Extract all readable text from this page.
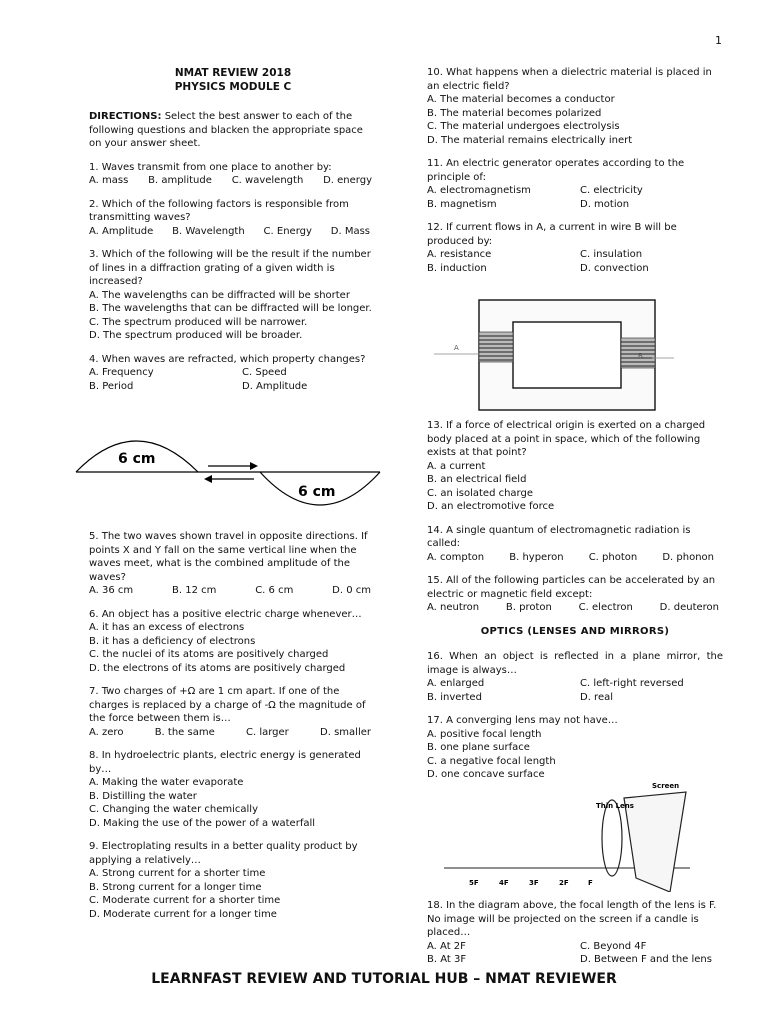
1
NMAT REVIEW 2018
PHYSICS MODULE C

DIRECTIONS: Select the best answer to each of the following questions and blacken the appropriate space on your answer sheet.

1. Waves transmit from one place to another by:

A. mass B. amplitude C. wavelength D. energy

2. Which of the following factors is responsible from transmitting waves?

A. Amplitude B. Wavelength C. Energy D. Mass

3. Which of the following will be the result if the number of lines in a diffraction grating of a given width is increased?

A. The wavelengths can be diffracted will be shorter

B. The wavelengths that can be diffracted will be longer.

C. The spectrum produced will be narrower.

D. The spectrum produced will be broader.

4. When waves are refracted, which property changes?

A. Frequency	C. Speed
B. Period	D. Amplitude
6 cm
6 cm

5. The two waves shown travel in opposite directions. If points X and Y fall on the same vertical line when the waves meet, what is the combined amplitude of the waves?

A. 36 cm	B. 12 cm	C. 6 cm	D. 0 cm

6. An object has a positive electric charge whenever…

A. it has an excess of electrons

B. it has a deficiency of electrons

C. the nuclei of its atoms are positively charged

D. the electrons of its atoms are positively charged

7. Two charges of +Ω are 1 cm apart. If one of the charges is replaced by a charge of -Ω the magnitude of the force between them is…

A. zero	B. the same	C. larger	D. smaller

8. In hydroelectric plants, electric energy is generated by…

A. Making the water evaporate

B. Distilling the water

C. Changing the water chemically

D. Making the use of the power of a waterfall

9. Electroplating results in a better quality product by applying a relatively…

A. Strong current for a shorter time

B. Strong current for a longer time

C. Moderate current for a shorter time

D. Moderate current for a longer time

10. What happens when a dielectric material is placed in an electric field?

A. The material becomes a conductor

B. The material becomes polarized

C. The material undergoes electrolysis

D. The material remains electrically inert

11. An electric generator operates according to the principle of:

A. electromagnetism	C. electricity
B. magnetism	D. motion

12. If current flows in A, a current in wire B will be produced by:

A. resistance	C. insulation
B. induction	D. convection
A
B

13. If a force of electrical origin is exerted on a charged body placed at a point in space, which of the following exists at that point?

A. a current

B. an electrical field

C. an isolated charge

D. an electromotive force

14. A single quantum of electromagnetic radiation is called:

A. compton	B. hyperon	C. photon	D. phonon

15. All of the following particles can be accelerated by an electric or magnetic field except:

A. neutron	B. proton	C. electron	D. deuteron
OPTICS (LENSES AND MIRRORS)

16. When an object is reflected in a plane mirror, the image is always…

A. enlarged	C. left-right reversed
B. inverted	D. real

17. A converging lens may not have…

A. positive focal length

B. one plane surface

C. a negative focal length

D. one concave surface

Screen
Thin Lens
5F	4F	3F	2F	F

18. In the diagram above, the focal length of the lens is F. No image will be projected on the screen if a candle is placed…

A. At 2F	C. Beyond 4F
B. At 3F	D. Between F and the lens
LEARNFAST REVIEW AND TUTORIAL HUB – NMAT REVIEWER
